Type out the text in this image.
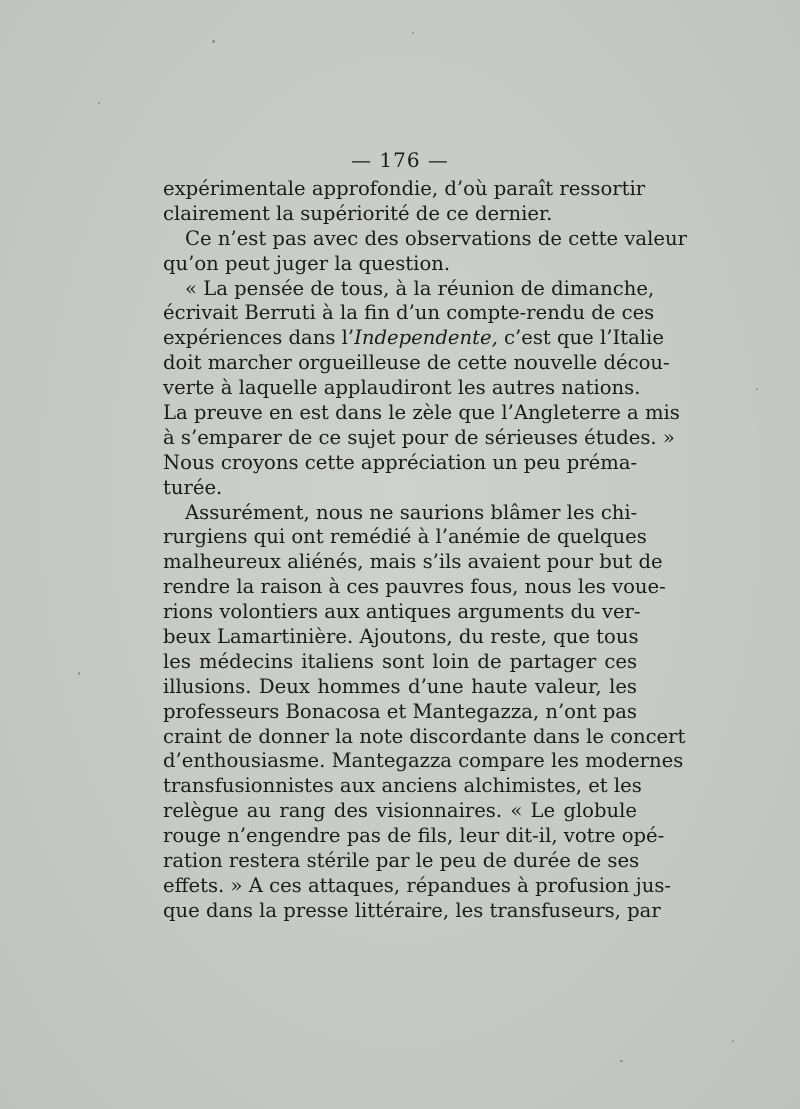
— 176 —
expérimentale approfondie, d’où paraît ressortir
clairement la supériorité de ce dernier.
Ce n’est pas avec des observations de cette valeur
qu’on peut juger la question.
« La pensée de tous, à la réunion de dimanche,
écrivait Berruti à la fin d’un compte-rendu de ces
expériences dans l’Independente, c’est que l’Italie
doit marcher orgueilleuse de cette nouvelle décou-
verte à laquelle applaudiront les autres nations.
La preuve en est dans le zèle que l’Angleterre a mis
à s’emparer de ce sujet pour de sérieuses études. »
Nous croyons cette appréciation un peu préma-
turée.
Assurément, nous ne saurions blâmer les chi-
rurgiens qui ont remédié à l’anémie de quelques
malheureux aliénés, mais s’ils avaient pour but de
rendre la raison à ces pauvres fous, nous les voue-
rions volontiers aux antiques arguments du ver-
beux Lamartinière. Ajoutons, du reste, que tous
les médecins italiens sont loin de partager ces
illusions. Deux hommes d’une haute valeur, les
professeurs Bonacosa et Mantegazza, n’ont pas
craint de donner la note discordante dans le concert
d’enthousiasme. Mantegazza compare les modernes
transfusionnistes aux anciens alchimistes, et les
relègue au rang des visionnaires. « Le globule
rouge n’engendre pas de fils, leur dit-il, votre opé-
ration restera stérile par le peu de durée de ses
effets. » A ces attaques, répandues à profusion jus-
que dans la presse littéraire, les transfuseurs, par
